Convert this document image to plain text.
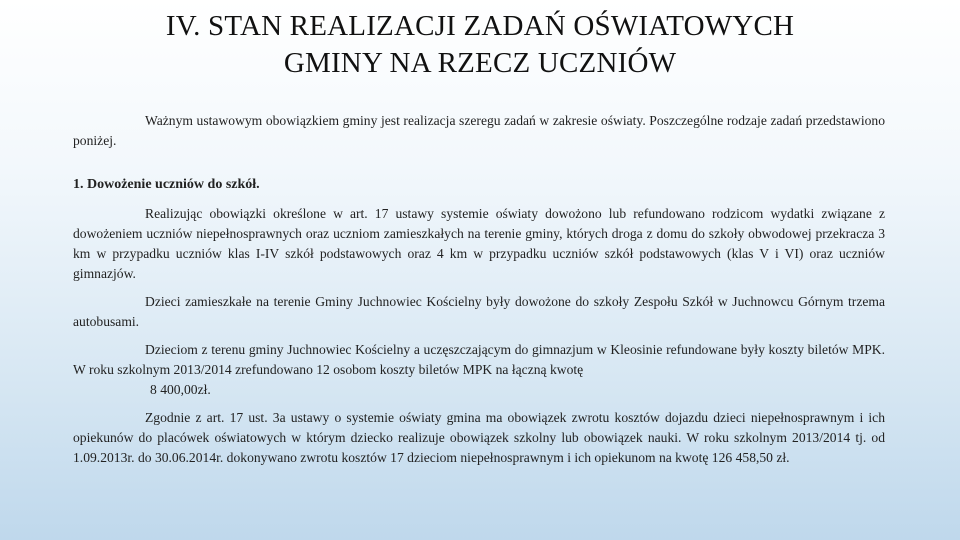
IV. STAN REALIZACJI ZADAŃ OŚWIATOWYCH
GMINY NA RZECZ UCZNIÓW

Ważnym ustawowym obowiązkiem gminy jest realizacja szeregu zadań w zakresie oświaty. Poszczególne rodzaje zadań przedstawiono poniżej.

1. Dowożenie uczniów do szkół.

Realizując obowiązki określone w art. 17 ustawy systemie oświaty dowożono lub refundowano rodzicom wydatki związane z dowożeniem uczniów niepełnosprawnych oraz uczniom zamieszkałych na terenie gminy, których droga z domu do szkoły obwodowej przekracza 3 km w przypadku uczniów klas I-IV szkół podstawowych oraz 4 km w przypadku uczniów szkół podstawowych (klas V i VI) oraz uczniów gimnazjów.

Dzieci zamieszkałe na terenie Gminy Juchnowiec Kościelny były dowożone do szkoły Zespołu Szkół w Juchnowcu Górnym trzema autobusami.

Dzieciom z terenu gminy Juchnowiec Kościelny a uczęszczającym do gimnazjum w Kleosinie refundowane były koszty biletów MPK. W roku szkolnym 2013/2014 zrefundowano 12 osobom koszty biletów MPK na łączną kwotę
8 400,00zł.

Zgodnie z art. 17 ust. 3a ustawy o systemie oświaty gmina ma obowiązek zwrotu kosztów dojazdu dzieci niepełnosprawnym i ich opiekunów do placówek oświatowych w którym dziecko realizuje obowiązek szkolny lub obowiązek nauki. W roku szkolnym 2013/2014 tj. od 1.09.2013r. do 30.06.2014r. dokonywano zwrotu kosztów 17 dzieciom niepełnosprawnym i ich opiekunom na kwotę 126 458,50 zł.
